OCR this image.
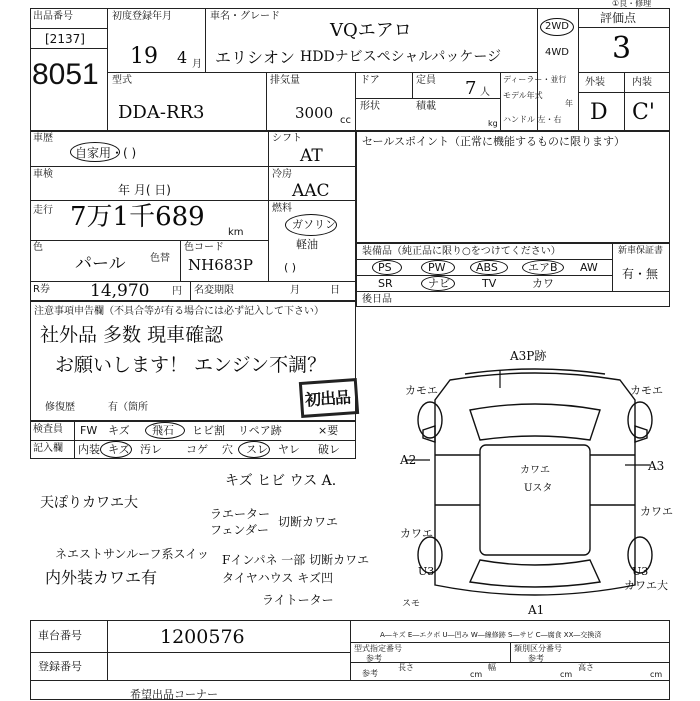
出品番号
[2137]
8051
初度登録年月
19 4 月
車名・グレード
VQエアロ
エリシオン HDDナビスペシャルパッケージ
2WD
4WD
評価点
3
①良・修理
型式
DDA-RR3
排気量
3000 cc
ドア	定員 7 人
形状	積載
kg
ディーラー・並行
モデル年式
年
ハンドル 左・右
外装	内装
D C'
車歴
自家用・( )
シフト
AT
車検
年 月( 日)
冷房
AAC
走行 7万1千689
km
燃料
ガソリン
軽油
( )
色
パール 色替
色コード
NH683P
R券 14,970 円 名変期限	月	日
セールスポイント（正常に機能するものに限ります）
装備品（純正品に限り○をつけてください）	新車保証書
有・無
PS	PW	ABS	エアB AW
SR	ナビ	TV	カワ
後日品
注意事項申告欄（不具合等が有る場合には必ず記入して下さい）
社外品 多数 現車確認
お願いします！ エンジン不調？
修復歴	有（箇所	初出品
検査員
記入欄
FW キズ 飛石 ヒビ割 リペア跡	×要
内装 キズ 汚レ コゲ 穴 スレ ヤレ 破レ
キズ ヒビ ウス A.
天ぽりカワエ大
ラエーター
フェンダー
切断カワエ
ネエストサンルーフ系スイッ
内外装カワエ有
Fインパネ 一部 切断カワエ
タイヤハウス キズ凹
ライトーター
A3P跡
カモエ	カモエ
A2	A3
カワエ
Uスタ
カワエ
カワエ
U3	U3
カワエ大
スモ	A1
車台番号	1200576
登録番号
A―キズ E―エクボ U―凹み W―線修跡 S―サビ C―腐食 XX―交換済
型式指定番号
参考
類別区分番号
参考
参考
長さ	幅	高さ
cm	cm	cm
希望出品コーナー
